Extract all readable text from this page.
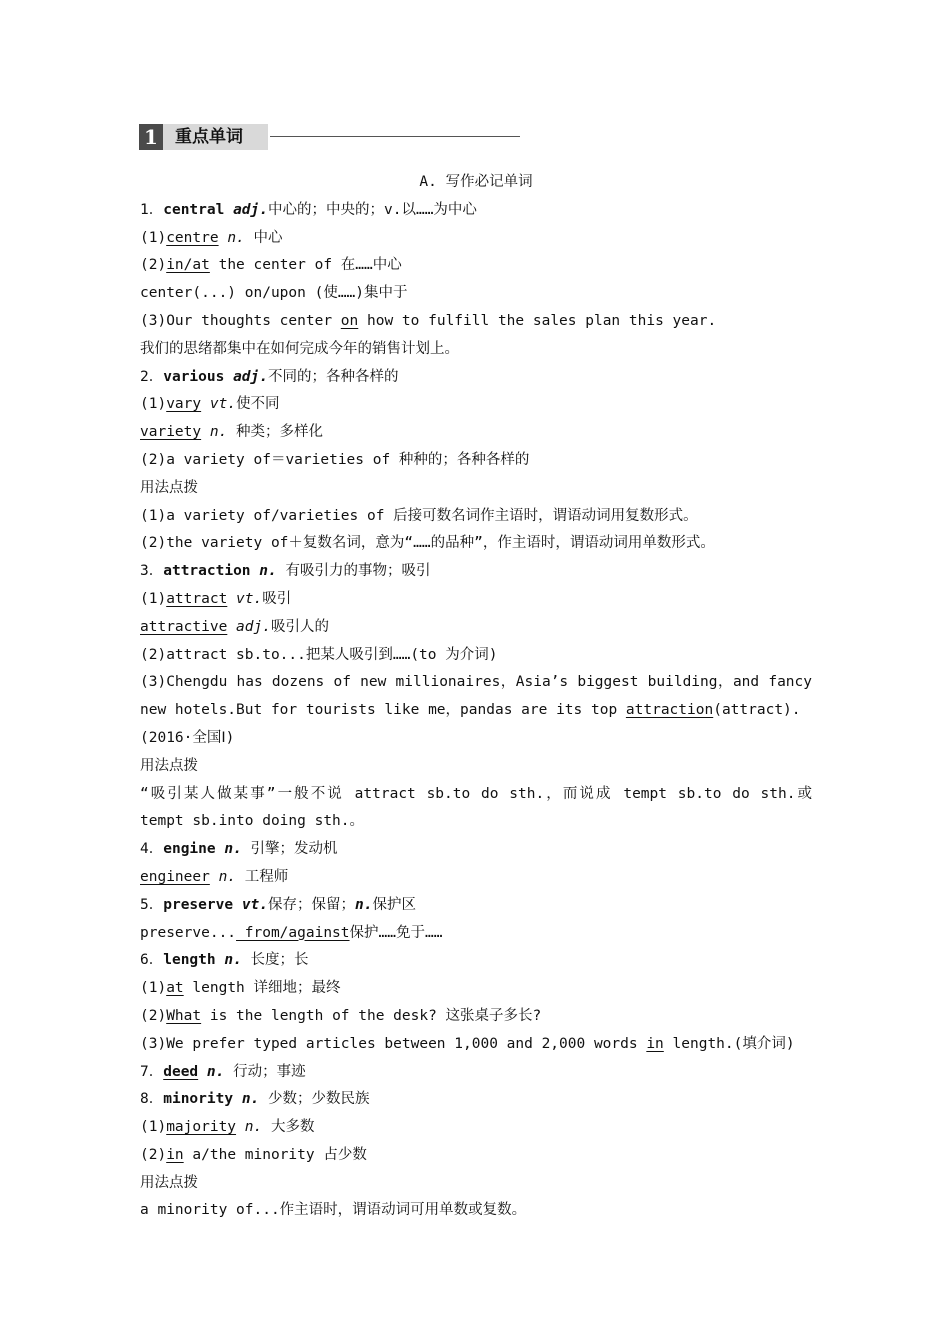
1	重点单词
A. 写作必记单词
1．central adj.中心的；中央的；v.以……为中心
(1)centre n. 中心
(2)in/at the center of 在……中心
center(...) on/upon (使……)集中于
(3)Our thoughts center on how to fulfill the sales plan this year.
我们的思绪都集中在如何完成今年的销售计划上。
2．various adj.不同的；各种各样的
(1)vary vt.使不同
variety n. 种类；多样化
(2)a variety of＝varieties of 种种的；各种各样的
用法点拨
(1)a variety of/varieties of 后接可数名词作主语时，谓语动词用复数形式。
(2)the variety of＋复数名词，意为“……的品种”，作主语时，谓语动词用单数形式。
3．attraction n. 有吸引力的事物；吸引
(1)attract vt.吸引
attractive adj.吸引人的
(2)attract sb.to...把某人吸引到……(to 为介词)
(3)Chengdu has dozens of new millionaires，Asia’s biggest building，and fancy
new hotels.But for tourists like me，pandas are its top attraction(attract).
(2016·全国Ⅰ)
用法点拨
“吸引某人做某事”一般不说 attract sb.to do sth.，而说成 tempt sb.to do sth.或
tempt sb.into doing sth.。
4．engine n. 引擎；发动机
engineer n. 工程师
5．preserve vt.保存；保留；n.保护区
preserve... from/against保护……免于……
6．length n. 长度；长
(1)at length 详细地；最终
(2)What is the length of the desk? 这张桌子多长?
(3)We prefer typed articles between 1,000 and 2,000 words in length.(填介词)
7．deed n. 行动；事迹
8．minority n. 少数；少数民族
(1)majority n. 大多数
(2)in a/the minority 占少数
用法点拨
a minority of...作主语时，谓语动词可用单数或复数。
